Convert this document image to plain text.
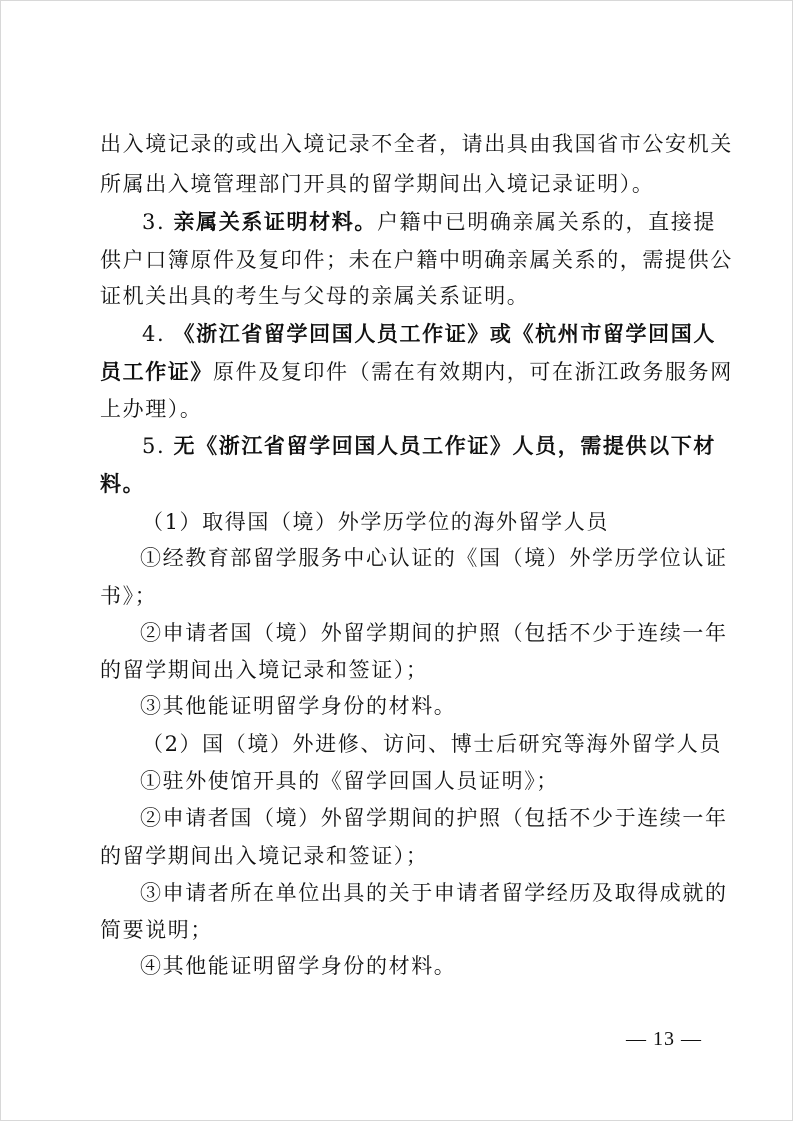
出入境记录的或出入境记录不全者，请出具由我国省市公安机关
所属出入境管理部门开具的留学期间出入境记录证明）。
3. 亲属关系证明材料。户籍中已明确亲属关系的，直接提
供户口簿原件及复印件；未在户籍中明确亲属关系的，需提供公
证机关出具的考生与父母的亲属关系证明。
4. 《浙江省留学回国人员工作证》或《杭州市留学回国人
员工作证》原件及复印件（需在有效期内，可在浙江政务服务网
上办理）。
5. 无《浙江省留学回国人员工作证》人员，需提供以下材
料。
（1）取得国（境）外学历学位的海外留学人员
①经教育部留学服务中心认证的《国（境）外学历学位认证
书》；
②申请者国（境）外留学期间的护照（包括不少于连续一年
的留学期间出入境记录和签证）；
③其他能证明留学身份的材料。
（2）国（境）外进修、访问、博士后研究等海外留学人员
①驻外使馆开具的《留学回国人员证明》；
②申请者国（境）外留学期间的护照（包括不少于连续一年
的留学期间出入境记录和签证）；
③申请者所在单位出具的关于申请者留学经历及取得成就的
简要说明；
④其他能证明留学身份的材料。
— 13 —
